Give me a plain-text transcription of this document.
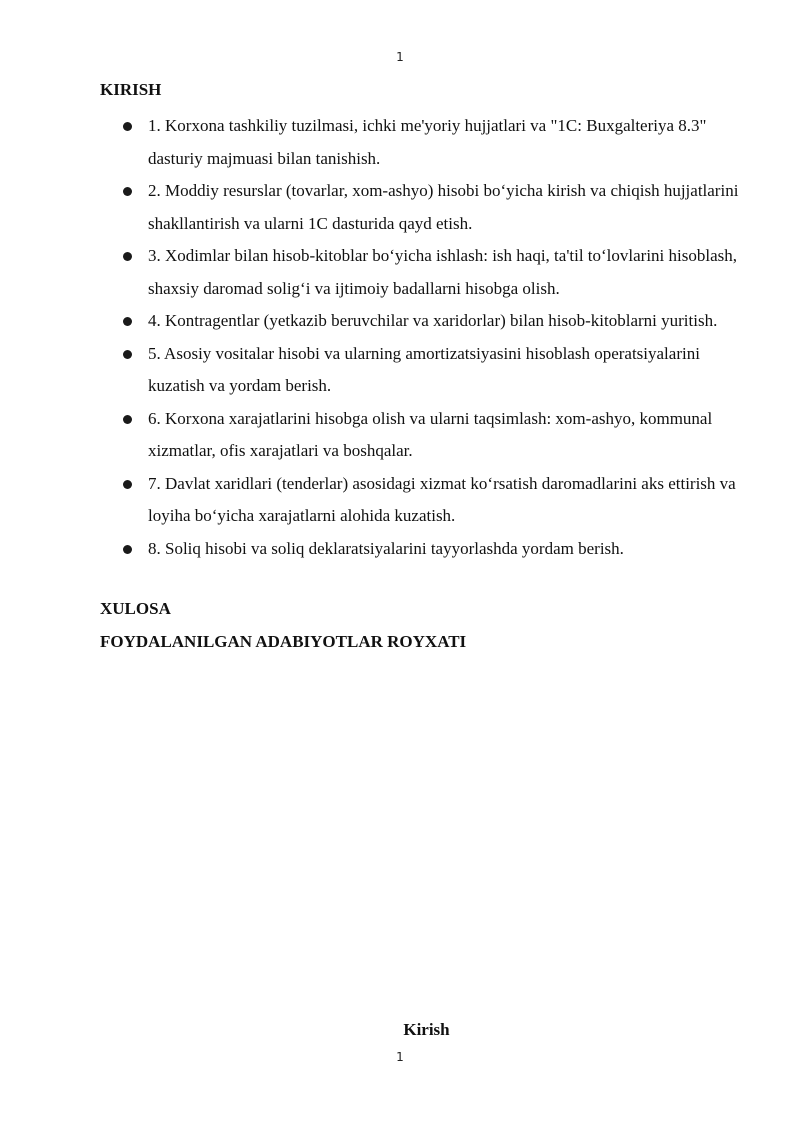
1
KIRISH
1. Korxona tashkiliy tuzilmasi, ichki me'yoriy hujjatlari va "1C: Buxgalteriya 8.3" dasturiy majmuasi bilan tanishish.
2. Moddiy resurslar (tovarlar, xom-ashyo) hisobi bo‘yicha kirish va chiqish hujjatlarini shakllantirish va ularni 1C dasturida qayd etish.
3. Xodimlar bilan hisob-kitoblar bo‘yicha ishlash: ish haqi, ta'til to‘lovlarini hisoblash, shaxsiy daromad solig‘i va ijtimoiy badallarni hisobga olish.
4. Kontragentlar (yetkazib beruvchilar va xaridorlar) bilan hisob-kitoblarni yuritish.
5. Asosiy vositalar hisobi va ularning amortizatsiyasini hisoblash operatsiyalarini kuzatish va yordam berish.
6. Korxona xarajatlarini hisobga olish va ularni taqsimlash: xom-ashyo, kommunal xizmatlar, ofis xarajatlari va boshqalar.
7. Davlat xaridlari (tenderlar) asosidagi xizmat ko‘rsatish daromadlarini aks ettirish va loyiha bo‘yicha xarajatlarni alohida kuzatish.
8. Soliq hisobi va soliq deklaratsiyalarini tayyorlashda yordam berish.
XULOSA
FOYDALANILGAN ADABIYOTLAR ROYXATI
Kirish
1
